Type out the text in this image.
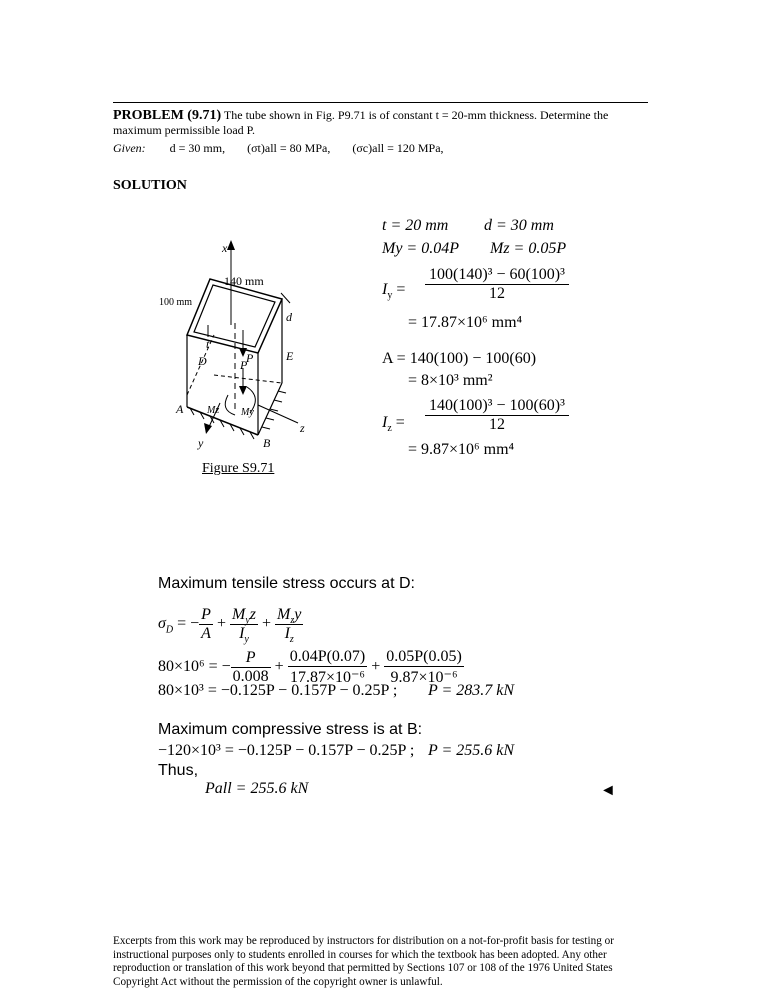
PROBLEM (9.71) The tube shown in Fig. P9.71 is of constant t = 20-mm thickness. Determine the maximum permissible load P.
Given: d = 30 mm, (σt)all = 80 MPa, (σc)all = 120 MPa,
SOLUTION
x
z
y
140 mm
100 mm
d
t
P
D	P
E
A Mz My
B
Figure S9.71
t = 20 mm d = 30 mm
My = 0.04P Mz = 0.05P
$I_y = \frac{\text{100(140)³ − 60(100)³}}{12}$
= 17.87×10⁶ mm⁴
A = 140(100) − 100(60)
= 8×10³ mm²
$I_z = \frac{\text{140(100)³ − 100(60)³}}{12}$
= 9.87×10⁶ mm⁴
Maximum tensile stress occurs at D:
$\sigma_D$ = − $\frac{P}{A} + \frac{M_yz}{I_y} + \frac{M_zy}{I_z}$
80×10⁶ = − $\frac{P}{0.008} + \frac{0.04P(0.07)}{\text{17.87×10⁻⁶}} + \frac{0.05P(0.05)}{\text{9.87×10⁻⁶}}$
80×10³ = −0.125P − 0.157P − 0.25P ; P = 283.7 kN
Maximum compressive stress is at B:
−120×10³ = −0.125P − 0.157P − 0.25P ; P = 255.6 kN
Thus,
Pall = 255.6 kN	◄
Excerpts from this work may be reproduced by instructors for distribution on a not-for-profit basis for testing or instructional purposes only to students enrolled in courses for which the textbook has been adopted. Any other reproduction or translation of this work beyond that permitted by Sections 107 or 108 of the 1976 United States Copyright Act without the permission of the copyright owner is unlawful.
